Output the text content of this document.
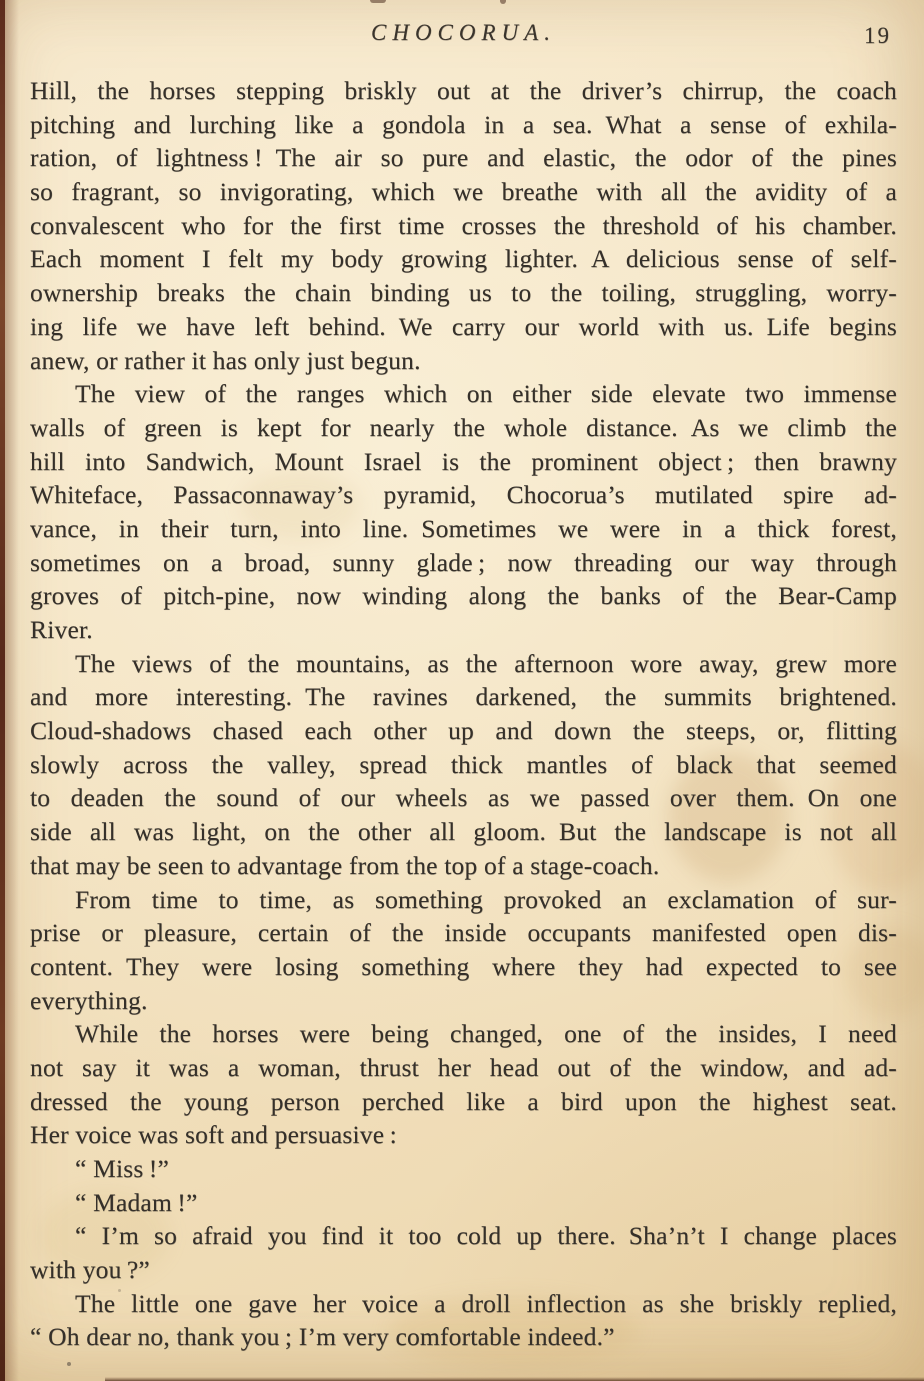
CHOCORUA.	19
Hill, the horses stepping briskly out at the driver’s chirrup, the coach
pitching and lurching like a gondola in a sea. What a sense of exhila-
ration, of lightness ! The air so pure and elastic, the odor of the pines
so fragrant, so invigorating, which we breathe with all the avidity of a
convalescent who for the first time crosses the threshold of his chamber.
Each moment I felt my body growing lighter. A delicious sense of self-
ownership breaks the chain binding us to the toiling, struggling, worry-
ing life we have left behind. We carry our world with us. Life begins
anew, or rather it has only just begun.
The view of the ranges which on either side elevate two immense
walls of green is kept for nearly the whole distance. As we climb the
hill into Sandwich, Mount Israel is the prominent object ; then brawny
Whiteface, Passaconnaway’s pyramid, Chocorua’s mutilated spire ad-
vance, in their turn, into line. Sometimes we were in a thick forest,
sometimes on a broad, sunny glade ; now threading our way through
groves of pitch-pine, now winding along the banks of the Bear-Camp
River.
The views of the mountains, as the afternoon wore away, grew more
and more interesting. The ravines darkened, the summits brightened.
Cloud-shadows chased each other up and down the steeps, or, flitting
slowly across the valley, spread thick mantles of black that seemed
to deaden the sound of our wheels as we passed over them. On one
side all was light, on the other all gloom. But the landscape is not all
that may be seen to advantage from the top of a stage-coach.
From time to time, as something provoked an exclamation of sur-
prise or pleasure, certain of the inside occupants manifested open dis-
content. They were losing something where they had expected to see
everything.
While the horses were being changed, one of the insides, I need
not say it was a woman, thrust her head out of the window, and ad-
dressed the young person perched like a bird upon the highest seat.
Her voice was soft and persuasive :
“ Miss !”
“ Madam !”
“ I’m so afraid you find it too cold up there. Sha’n’t I change places
with you ?”
The little one gave her voice a droll inflection as she briskly replied,
“ Oh dear no, thank you ; I’m very comfortable indeed.”
